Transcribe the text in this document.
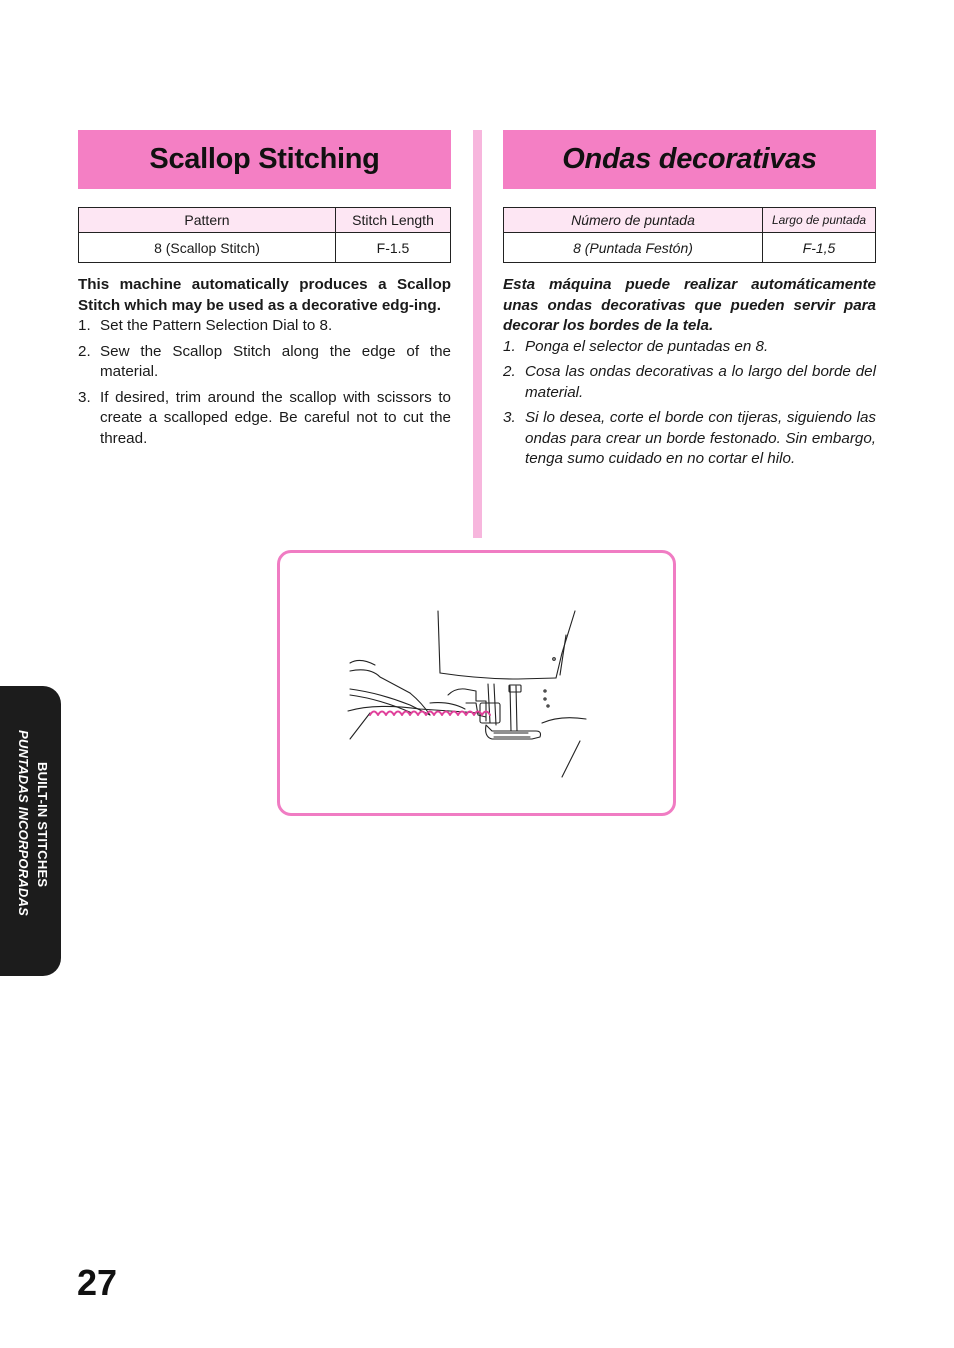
Scallop Stitching
Pattern	Stitch Length
8 (Scallop Stitch)	F-1.5

This machine automatically produces a Scallop Stitch which may be used as a decorative edg-ing.

1. Set the Pattern Selection Dial to 8.
2. Sew the Scallop Stitch along the edge of the material.
3. If desired, trim around the scallop with scissors to create a scalloped edge. Be careful not to cut the thread.
Ondas decorativas
Número de puntada	Largo de puntada
8 (Puntada Festón)	F-1,5

Esta máquina puede realizar automáticamente unas ondas decorativas que pueden servir para decorar los bordes de la tela.

1. Ponga el selector de puntadas en 8.
2. Cosa las ondas decorativas a lo largo del borde del material.
3. Si lo desea, corte el borde con tijeras, siguiendo las ondas para crear un borde festonado. Sin embargo, tenga sumo cuidado en no cortar el hilo.
BUILT-IN STITCHES
PUNTADAS INCORPORADAS
27
